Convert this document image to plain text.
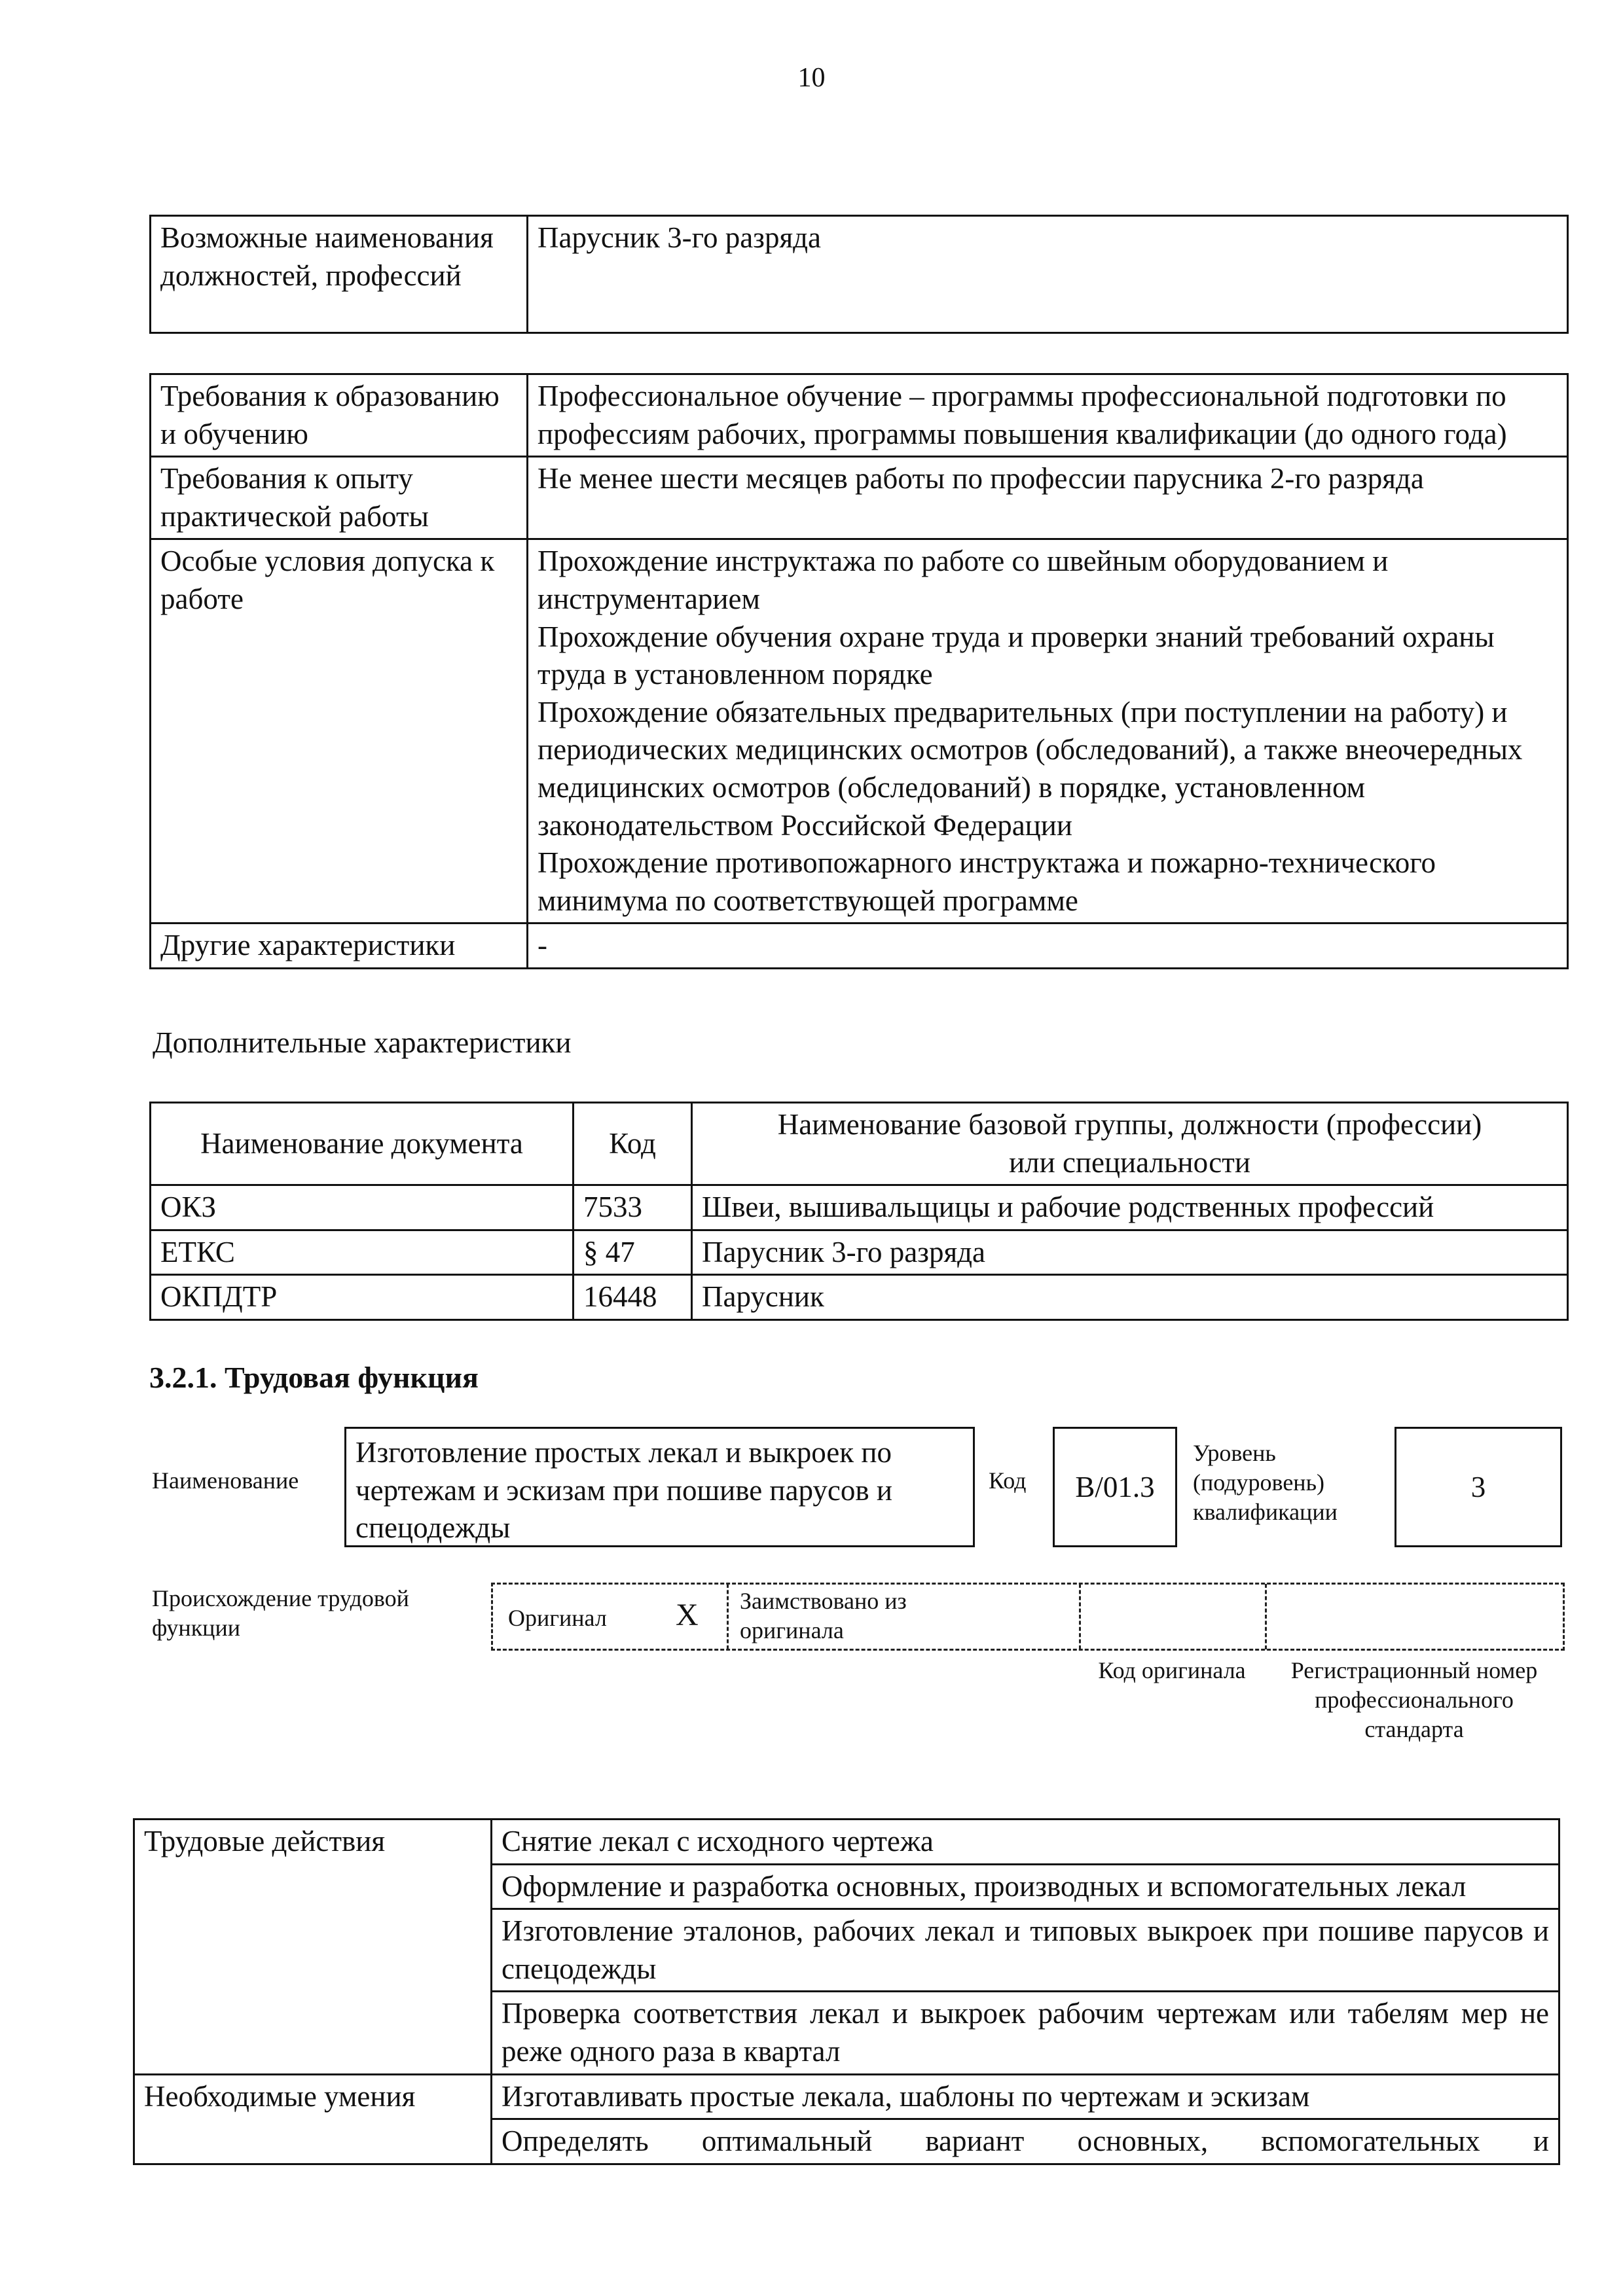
10
Возможные наименования должностей, профессий	Парусник 3-го разряда
Требования к образованию и обучению	Профессиональное обучение – программы профессиональной подготовки по профессиям рабочих, программы повышения квалификации (до одного года)
Требования к опыту практической работы	Не менее шести месяцев работы по профессии парусника 2-го разряда
Особые условия допуска к работе	Прохождение инструктажа по работе со швейным оборудованием и инструментарием
Прохождение обучения охране труда и проверки знаний требований охраны труда в установленном порядке
Прохождение обязательных предварительных (при поступлении на работу) и периодических медицинских осмотров (обследований), а также внеочередных медицинских осмотров (обследований) в порядке, установленном законодательством Российской Федерации
Прохождение противопожарного инструктажа и пожарно-технического минимума по соответствующей программе

Другие характеристики	-
Дополнительные характеристики
Наименование документа	Код	Наименование базовой группы, должности (профессии) или специальности
ОКЗ	7533	Швеи, вышивальщицы и рабочие родственных профессий
ЕТКС	§ 47	Парусник 3-го разряда
ОКПДТР	16448	Парусник
3.2.1. Трудовая функция
Наименование
Изготовление простых лекал и выкроек по чертежам и эскизам при пошиве парусов и спецодежды
Код B/01.3
Уровень (подуровень) квалификации
3
Происхождение трудовой функции	Оригинал X Заимствовано из оригинала
Код оригинала	Регистрационный номер профессионального стандарта
Трудовые действия	Снятие лекал с исходного чертежа
	Оформление и разработка основных, производных и вспомогательных лекал
	Изготовление эталонов, рабочих лекал и типовых выкроек при пошиве парусов и спецодежды
	Проверка соответствия лекал и выкроек рабочим чертежам или табелям мер не реже одного раза в квартал
Необходимые умения	Изготавливать простые лекала, шаблоны по чертежам и эскизам
	Определять оптимальный вариант основных, вспомогательных и
